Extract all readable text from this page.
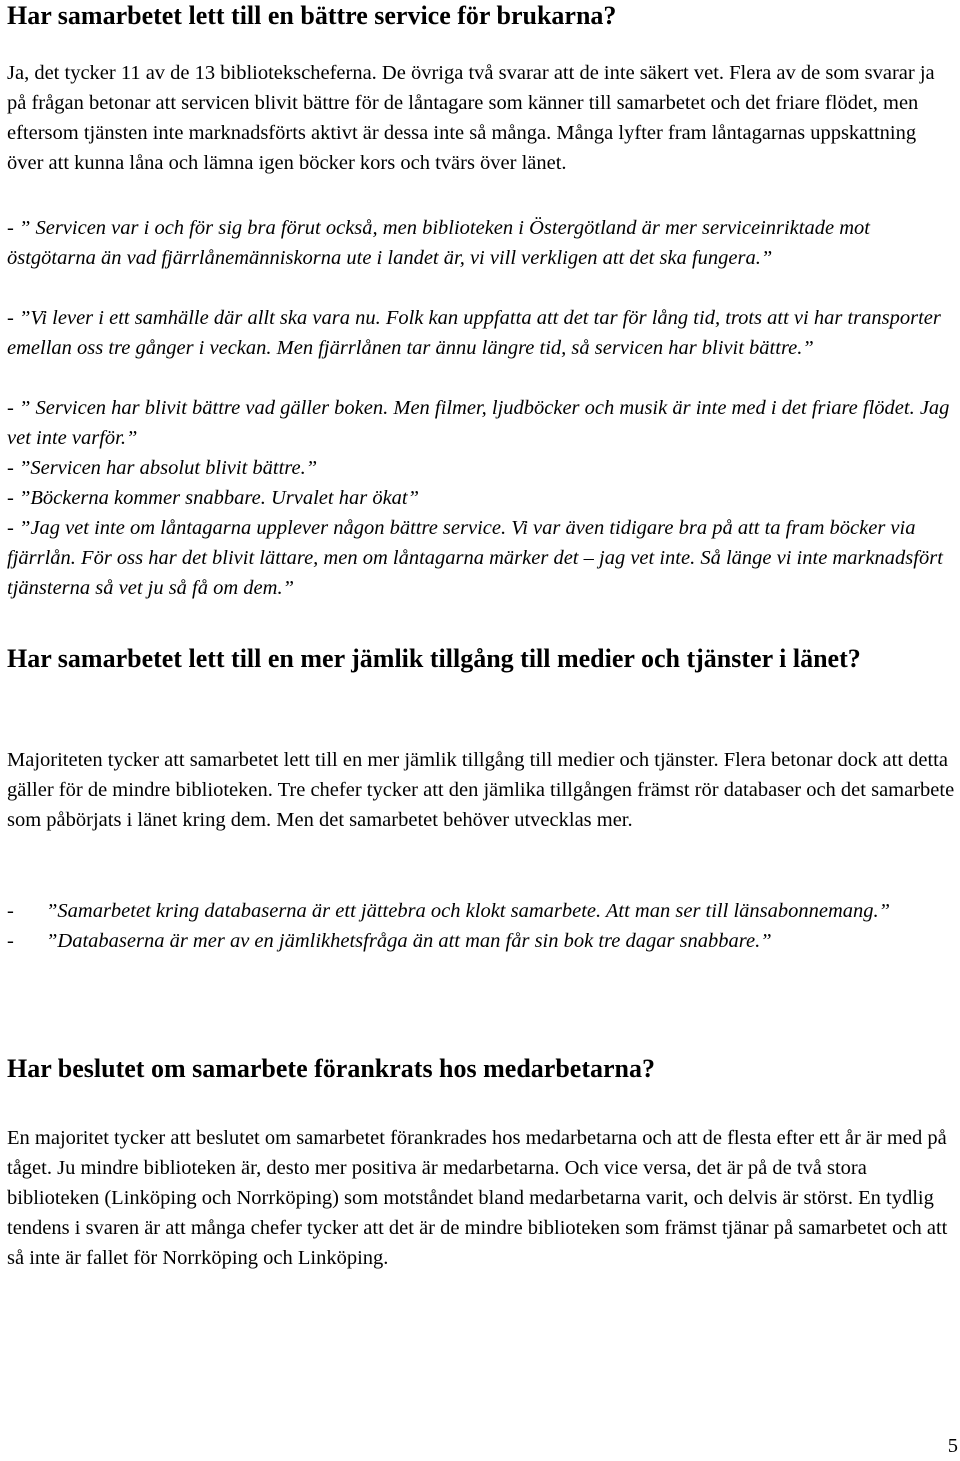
Har samarbetet lett till en bättre service för brukarna?

Ja, det tycker 11 av de 13 bibliotekscheferna. De övriga två svarar att de inte säkert vet. Flera av de som svarar ja på frågan betonar att servicen blivit bättre för de låntagare som känner till samarbetet och det friare flödet, men eftersom tjänsten inte marknadsförts aktivt är dessa inte så många. Många lyfter fram låntagarnas uppskattning över att kunna låna och lämna igen böcker kors och tvärs över länet.

- ” Servicen var i och för sig bra förut också, men biblioteken i Östergötland är mer serviceinriktade mot östgötarna än vad fjärrlånemänniskorna ute i landet är, vi vill verkligen att det ska fungera.”

- ”Vi lever i ett samhälle där allt ska vara nu. Folk kan uppfatta att det tar för lång tid, trots att vi har transporter emellan oss tre gånger i veckan. Men fjärrlånen tar ännu längre tid, så servicen har blivit bättre.”

- ” Servicen har blivit bättre vad gäller boken. Men filmer, ljudböcker och musik är inte med i det friare flödet. Jag vet inte varför.”

- ”Servicen har absolut blivit bättre.”

- ”Böckerna kommer snabbare. Urvalet har ökat”

- ”Jag vet inte om låntagarna upplever någon bättre service. Vi var även tidigare bra på att ta fram böcker via fjärrlån. För oss har det blivit lättare, men om låntagarna märker det – jag vet inte. Så länge vi inte marknadsfört tjänsterna så vet ju så få om dem.”

Har samarbetet lett till en mer jämlik tillgång till medier och tjänster i länet?

Majoriteten tycker att samarbetet lett till en mer jämlik tillgång till medier och tjänster. Flera betonar dock att detta gäller för de mindre biblioteken. Tre chefer tycker att den jämlika tillgången främst rör databaser och det samarbete som påbörjats i länet kring dem. Men det samarbetet behöver utvecklas mer.

-	”Samarbetet kring databaserna är ett jättebra och klokt samarbete. Att man ser till länsabonnemang.”
-	”Databaserna är mer av en jämlikhetsfråga än att man får sin bok tre dagar snabbare.”
Har beslutet om samarbete förankrats hos medarbetarna?

En majoritet tycker att beslutet om samarbetet förankrades hos medarbetarna och att de flesta efter ett år är med på tåget. Ju mindre biblioteken är, desto mer positiva är medarbetarna. Och vice versa, det är på de två stora biblioteken (Linköping och Norrköping) som motståndet bland medarbetarna varit, och delvis är störst. En tydlig tendens i svaren är att många chefer tycker att det är de mindre biblioteken som främst tjänar på samarbetet och att så inte är fallet för Norrköping och Linköping.

5
